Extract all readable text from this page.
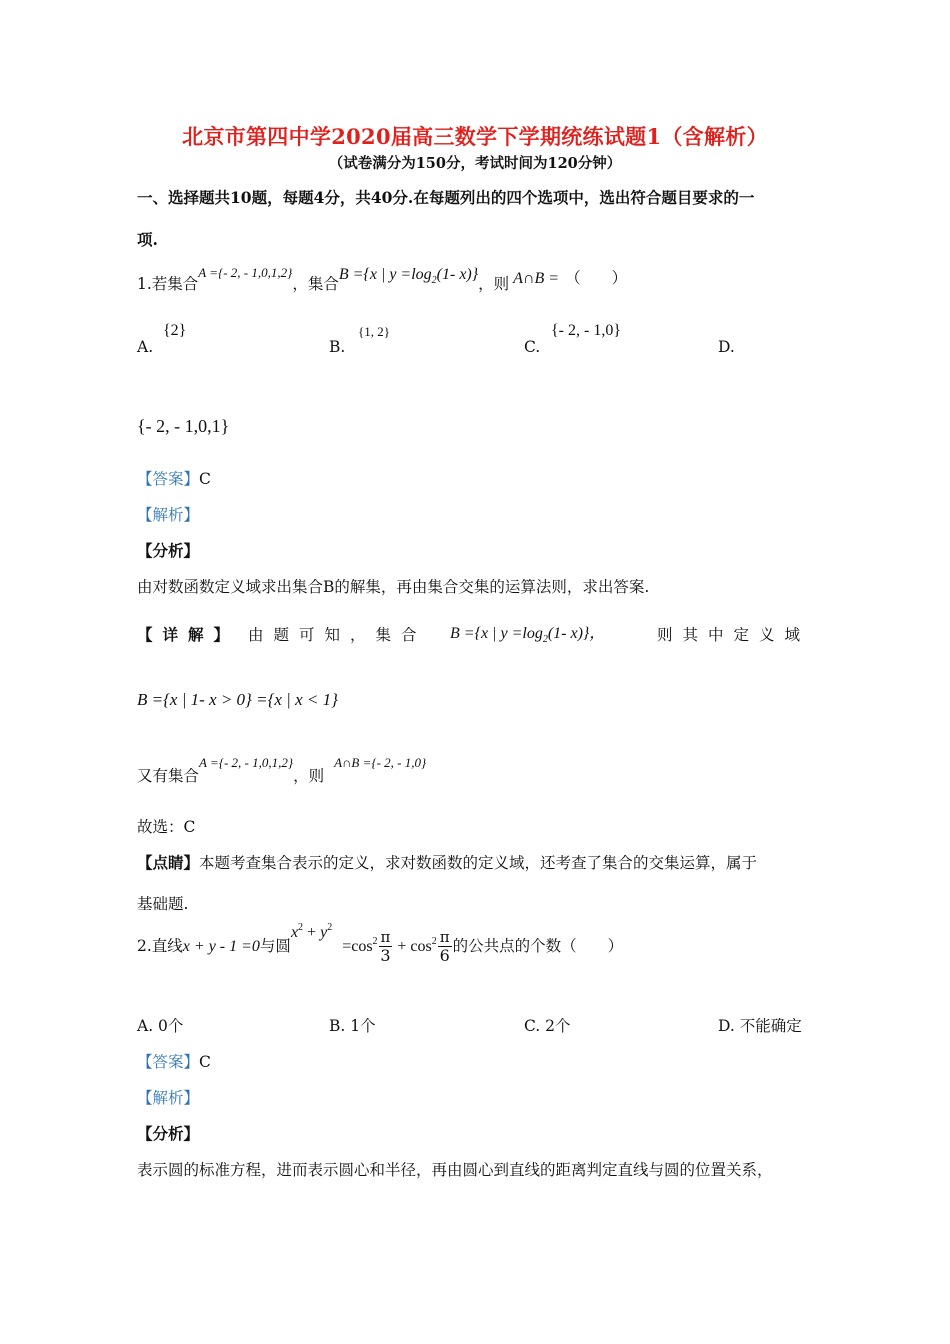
北京市第四中学2020届高三数学下学期统练试题1（含解析）
（试卷满分为150分，考试时间为120分钟）
一、选择题共10题，每题4分，共40分.在每题列出的四个选项中，选出符合题目要求的一
项.
1.若集合$^{A =\{- 2, - 1,0,1,2\}}$，集合B ={x | $y =\log_2(1-$ x)}，则 A∩B = （　　）
A.
{2}
B.
{1, 2}
C.
{- 2, - 1,0}
D.
{- 2, - 1,0,1}
【答案】C
【解析】
【分析】
由对数函数定义域求出集合B的解集，再由集合交集的运算法则，求出答案.
【详解】 由题可知，集合 B ={x | $y =\log_2(1-$ x)}，	则其中定义域
B ={x | 1- x > 0} ={x | x < 1}
又有集合A ={- 2, - 1,0,1,2}，则A∩B ={- 2, - 1,0}
故选：C
【点睛】本题考查集合表示的定义，求对数函数的定义域，还考查了集合的交集运算，属于
基础题.
2.直线x + y - 1 =0与圆$x^2 + y^2 =\cos^2 \frac{\pi}{3} + \cos^2 \frac{\pi}{6}$ 的公共点的个数（　　）
A. 0个	B. 1个	C. 2个	D. 不能确定
【答案】C
【解析】
【分析】
表示圆的标准方程，进而表示圆心和半径，再由圆心到直线的距离判定直线与圆的位置关系，
